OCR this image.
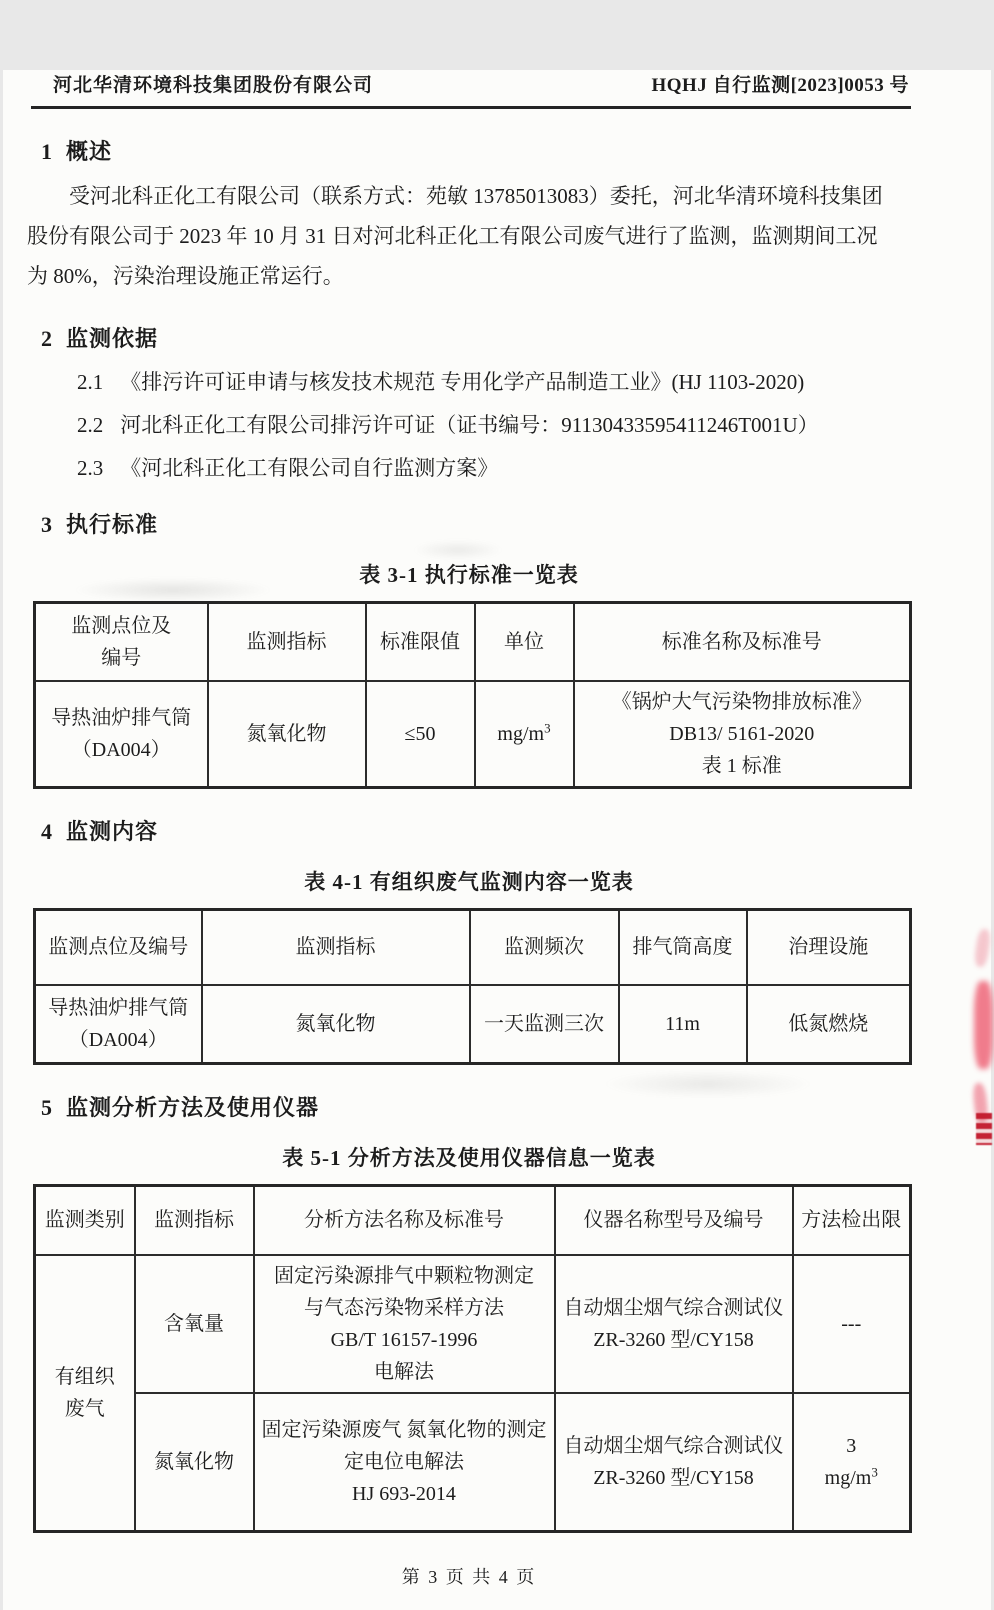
河北华清环境科技集团股份有限公司	HQHJ 自行监测[2023]0053 号
1 概述
受河北科正化工有限公司（联系方式：苑敏 13785013083）委托，河北华清环境科技集团
股份有限公司于 2023 年 10 月 31 日对河北科正化工有限公司废气进行了监测，监测期间工况
为 80%，污染治理设施正常运行。
2 监测依据
2.1 《排污许可证申请与核发技术规范 专用化学产品制造工业》(HJ 1103-2020)
2.2 河北科正化工有限公司排污许可证（证书编号：91130433595411246T001U）
2.3 《河北科正化工有限公司自行监测方案》
3 执行标准
表 3-1 执行标准一览表
监测点位及
编号	监测指标	标准限值	单位	标准名称及标准号

导热油炉排气筒
（DA004）	氮氧化物	≤50	$mg/m^3$	《锅炉大气污染物排放标准》
DB13/ 5161-2020
表 1 标准
4 监测内容
表 4-1 有组织废气监测内容一览表
监测点位及编号	监测指标	监测频次	排气筒高度	治理设施

导热油炉排气筒
（DA004）	氮氧化物	一天监测三次	11m	低氮燃烧
5 监测分析方法及使用仪器
表 5-1 分析方法及使用仪器信息一览表
监测类别	监测指标	分析方法名称及标准号	仪器名称型号及编号	方法检出限

有组织
废气	含氧量	固定污染源排气中颗粒物测定
与气态污染物采样方法
GB/T 16157-1996
电解法	自动烟尘烟气综合测试仪
ZR-3260 型/CY158	---
	氮氧化物	固定污染源废气 氮氧化物的测定
定电位电解法
HJ 693-2014	自动烟尘烟气综合测试仪
ZR-3260 型/CY158	3
$mg/m^3$
第 3 页 共 4 页
